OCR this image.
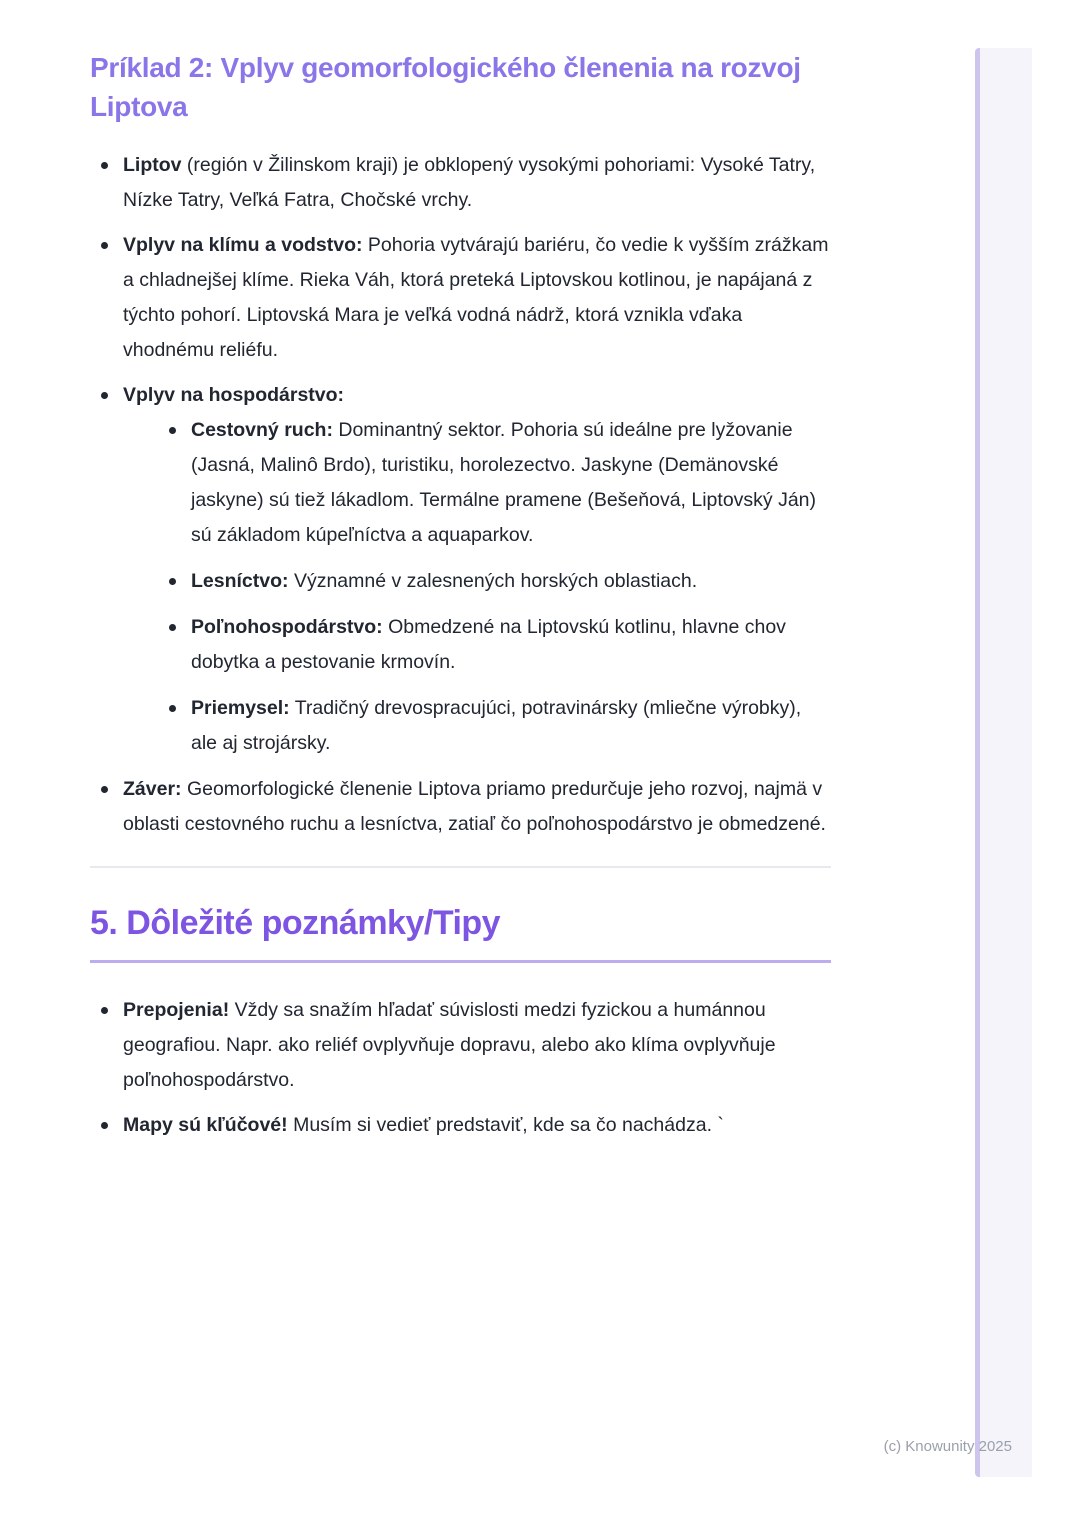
Príklad 2: Vplyv geomorfologického členenia na rozvoj Liptova
Liptov (región v Žilinskom kraji) je obklopený vysokými pohoriami: Vysoké Tatry, Nízke Tatry, Veľká Fatra, Chočské vrchy.
Vplyv na klímu a vodstvo: Pohoria vytvárajú bariéru, čo vedie k vyšším zrážkam a chladnejšej klíme. Rieka Váh, ktorá preteká Liptovskou kotlinou, je napájaná z týchto pohorí. Liptovská Mara je veľká vodná nádrž, ktorá vznikla vďaka vhodnému reliéfu.
Vplyv na hospodárstvo:
Cestovný ruch: Dominantný sektor. Pohoria sú ideálne pre lyžovanie (Jasná, Malinô Brdo), turistiku, horolezectvo. Jaskyne (Demänovské jaskyne) sú tiež lákadlom. Termálne pramene (Bešeňová, Liptovský Ján) sú základom kúpeľníctva a aquaparkov.
Lesníctvo: Významné v zalesnených horských oblastiach.
Poľnohospodárstvo: Obmedzené na Liptovskú kotlinu, hlavne chov dobytka a pestovanie krmovín.
Priemysel: Tradičný drevospracujúci, potravinársky (mliečne výrobky), ale aj strojársky.
Záver: Geomorfologické členenie Liptova priamo predurčuje jeho rozvoj, najmä v oblasti cestovného ruchu a lesníctva, zatiaľ čo poľnohospodárstvo je obmedzené.
5. Dôležité poznámky/Tipy
Prepojenia! Vždy sa snažím hľadať súvislosti medzi fyzickou a humánnou geografiou. Napr. ako reliéf ovplyvňuje dopravu, alebo ako klíma ovplyvňuje poľnohospodárstvo.
Mapy sú kľúčové! Musím si vedieť predstaviť, kde sa čo nachádza. `
(c) Knowunity 2025
